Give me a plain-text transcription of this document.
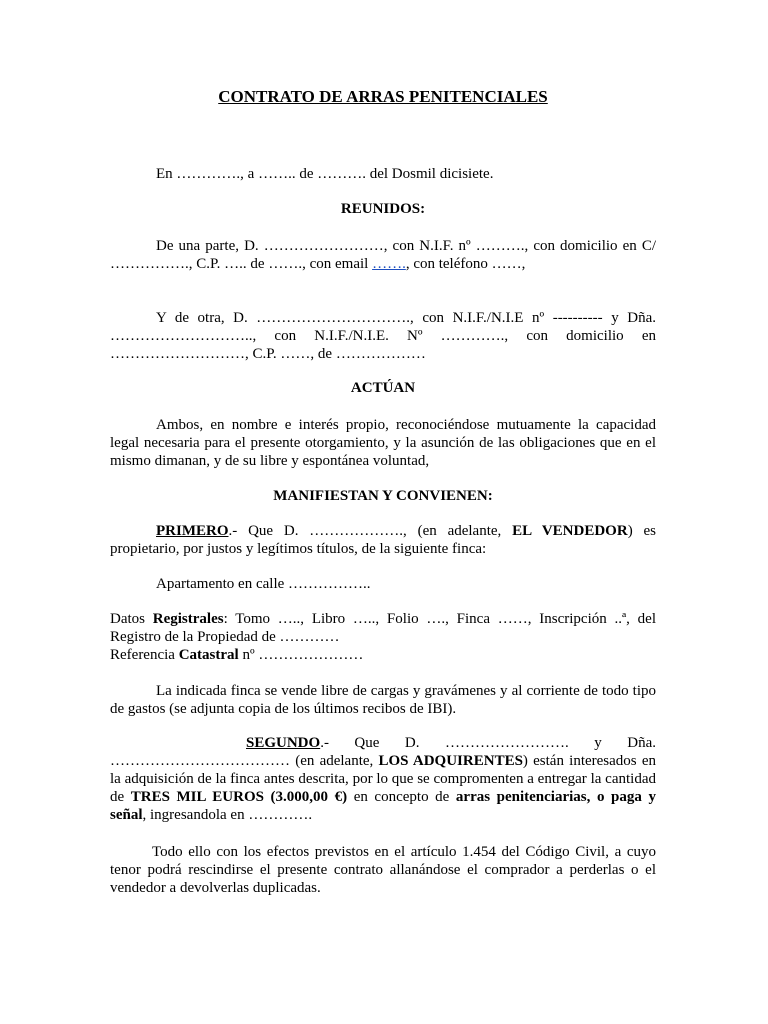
CONTRATO DE ARRAS PENITENCIALES
En …………., a …….. de ………. del Dosmil dicisiete.
REUNIDOS:
De una parte, D. ……………………, con N.I.F. nº ………., con domicilio en C/ ……………., C.P. ….. de ……., con email ……., con teléfono ……,
Y de otra, D. …………………………., con N.I.F./N.I.E nº ---------- y Dña. ……………………….., con N.I.F./N.I.E. Nº …………., con domicilio en ………………………, C.P. ……, de ………………
ACTÚAN
Ambos, en nombre e interés propio, reconociéndose mutuamente la capacidad legal necesaria para el presente otorgamiento, y la asunción de las obligaciones que en el mismo dimanan, y de su libre y espontánea voluntad,
MANIFIESTAN Y CONVIENEN:
PRIMERO.- Que D. ………………., (en adelante, EL VENDEDOR) es propietario, por justos y legítimos títulos, de la siguiente finca:
Apartamento en calle ……………..
Datos Registrales: Tomo ….., Libro ….., Folio …., Finca ……, Inscripción ..ª, del Registro de la Propiedad de …………
Referencia Catastral nº …………………
La indicada finca se vende libre de cargas y gravámenes y al corriente de todo tipo de gastos (se adjunta copia de los últimos recibos de IBI).
SEGUNDO.- Que D. ……………………. y Dña. ……………………………… (en adelante, LOS ADQUIRENTES) están interesados en la adquisición de la finca antes descrita, por lo que se compromenten a entregar la cantidad de TRES MIL EUROS (3.000,00 €) en concepto de arras penitenciarias, o paga y señal, ingresandola en ………….
Todo ello con los efectos previstos en el artículo 1.454 del Código Civil, a cuyo tenor podrá rescindirse el presente contrato allanándose el comprador a perderlas o el vendedor a devolverlas duplicadas.
